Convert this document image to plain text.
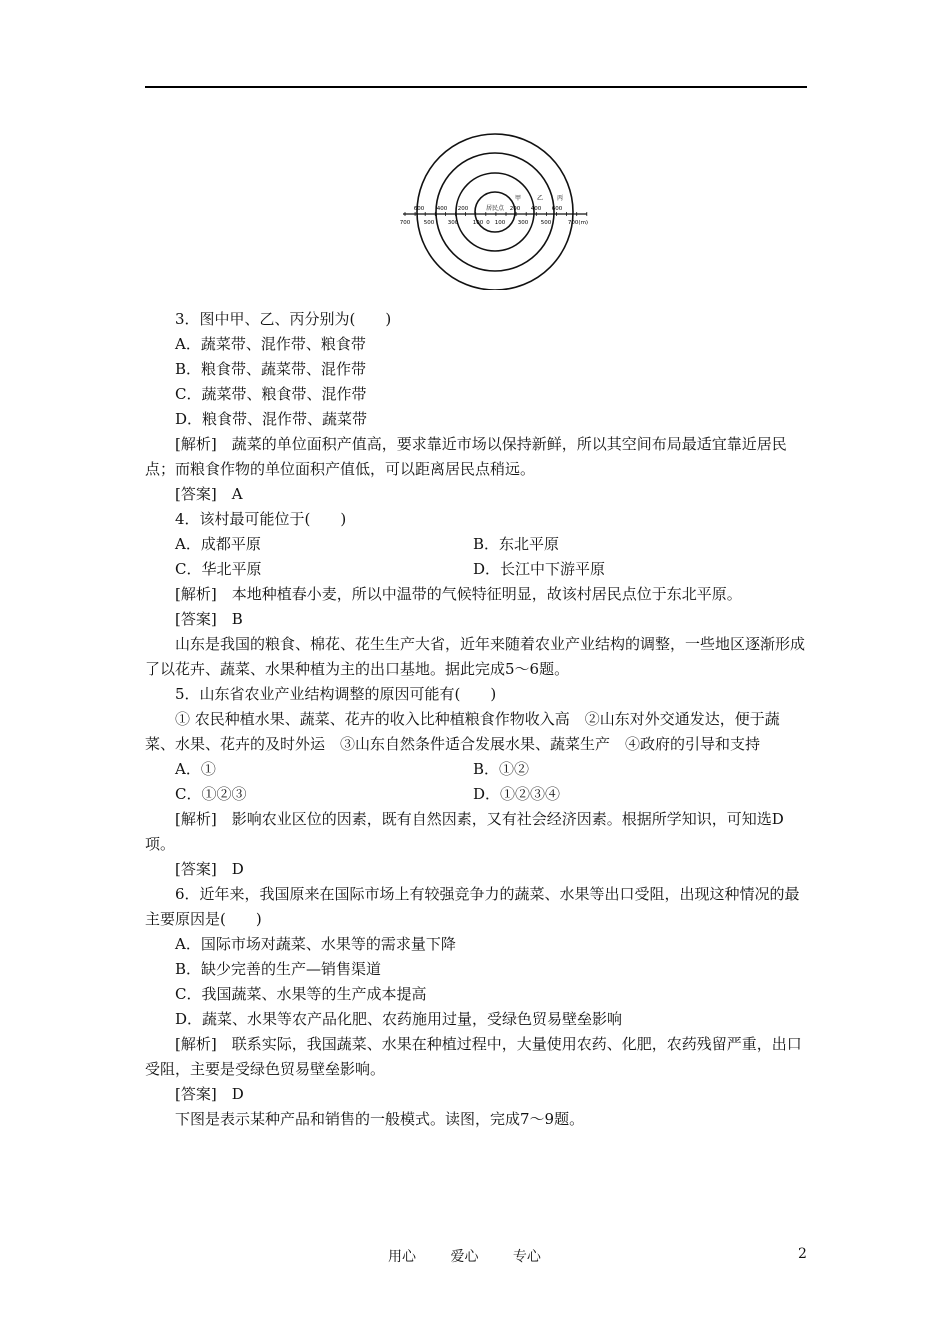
居民点
甲	乙 丙
600 400 200	200 400 600
700 500 300	100 0 100 300 500	700(m)

3．图中甲、乙、丙分别为(　　)

A．蔬菜带、混作带、粮食带

B．粮食带、蔬菜带、混作带

C．蔬菜带、粮食带、混作带

D．粮食带、混作带、蔬菜带

[解析]　蔬菜的单位面积产值高，要求靠近市场以保持新鲜，所以其空间布局最适宜靠近居民点；而粮食作物的单位面积产值低，可以距离居民点稍远。

[答案]　A

4．该村最可能位于(　　)

A．成都平原	B．东北平原
C．华北平原	D．长江中下游平原

[解析]　本地种植春小麦，所以中温带的气候特征明显，故该村居民点位于东北平原。

[答案]　B

山东是我国的粮食、棉花、花生生产大省，近年来随着农业产业结构的调整，一些地区逐渐形成了以花卉、蔬菜、水果种植为主的出口基地。据此完成5～6题。

5．山东省农业产业结构调整的原因可能有(　　)

① 农民种植水果、蔬菜、花卉的收入比种植粮食作物收入高　②山东对外交通发达，便于蔬菜、水果、花卉的及时外运　③山东自然条件适合发展水果、蔬菜生产　④政府的引导和支持

A．①	B．①②
C．①②③	D．①②③④

[解析]　影响农业区位的因素，既有自然因素，又有社会经济因素。根据所学知识，可知选D项。

[答案]　D

6．近年来，我国原来在国际市场上有较强竞争力的蔬菜、水果等出口受阻，出现这种情况的最主要原因是(　　)

A．国际市场对蔬菜、水果等的需求量下降

B．缺少完善的生产—销售渠道

C．我国蔬菜、水果等的生产成本提高

D．蔬菜、水果等农产品化肥、农药施用过量，受绿色贸易壁垒影响

[解析]　联系实际，我国蔬菜、水果在种植过程中，大量使用农药、化肥，农药残留严重，出口受阻，主要是受绿色贸易壁垒影响。

[答案]　D

下图是表示某种产品和销售的一般模式。读图，完成7～9题。

用心 爱心 专心	2
